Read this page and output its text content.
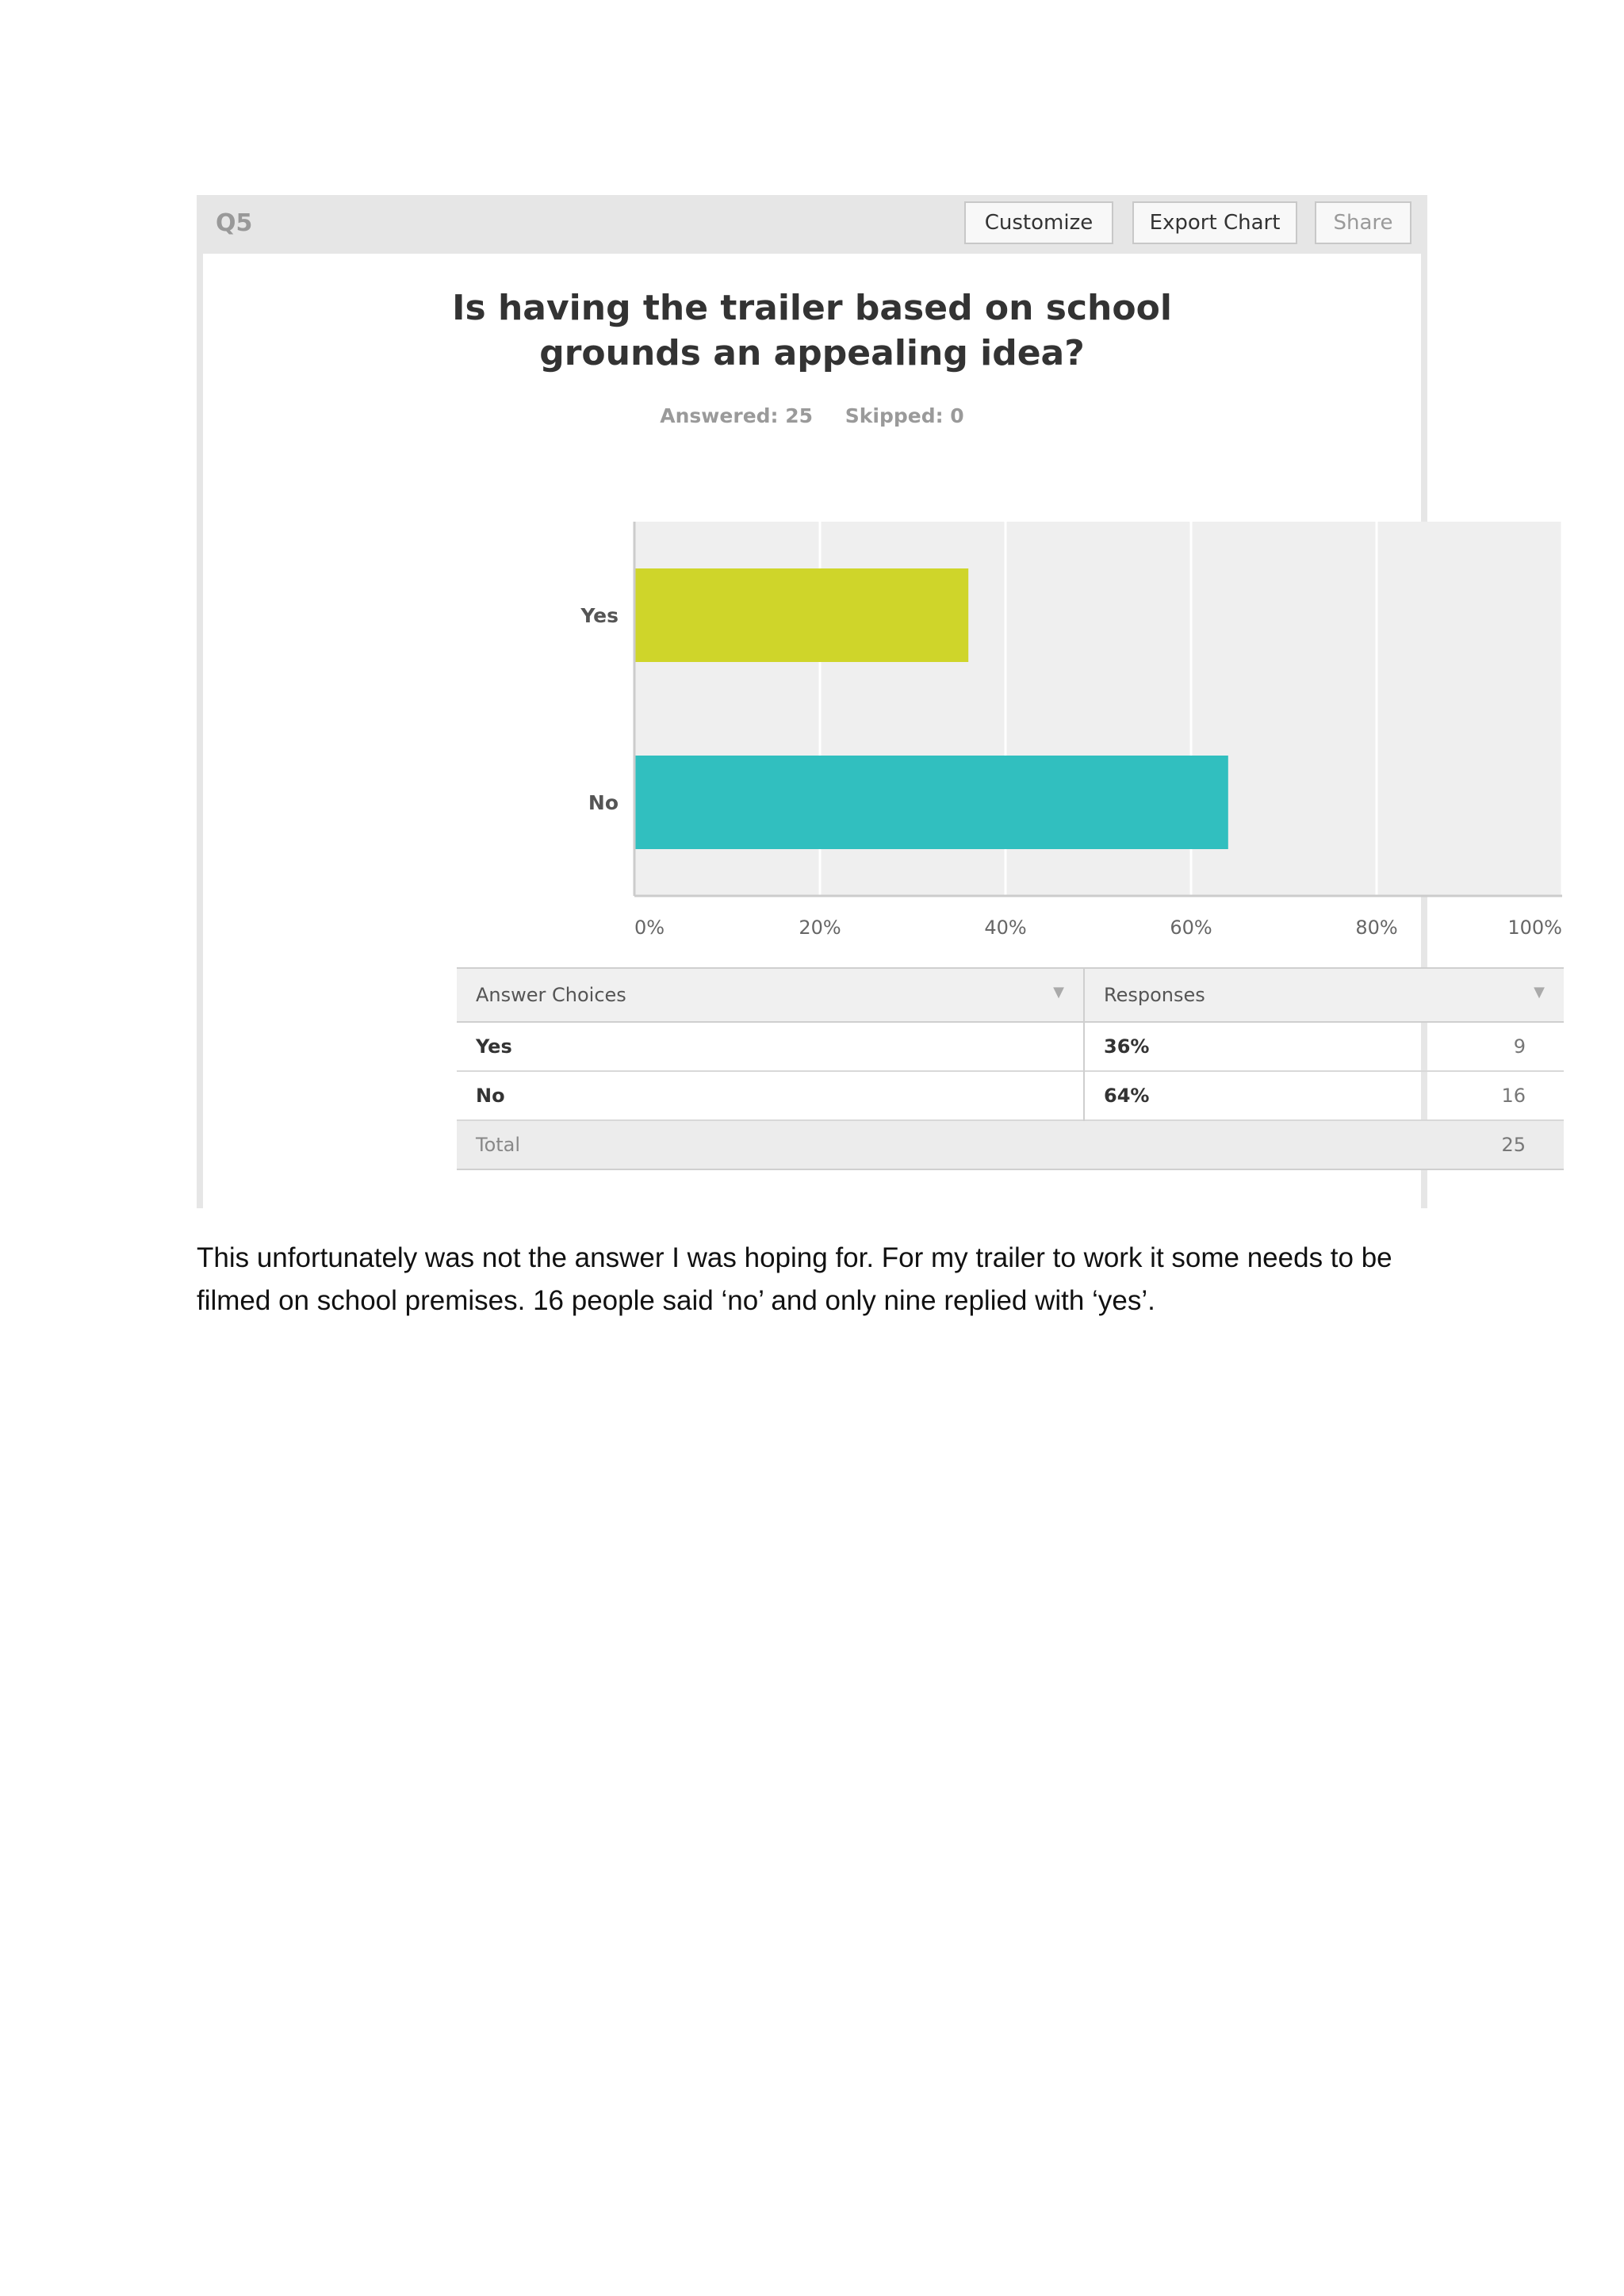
Q5	Customize	Export Chart	Share
Is having the trailer based on school
grounds an appealing idea?
Answered: 25 Skipped: 0
Yes
No
0%	20%	40%	60%	80%	100%
Answer Choices ▼	Responses ▼

Yes	36% 9

No	64% 16

Total	25
This unfortunately was not the answer I was hoping for. For my trailer to work it some needs to be
filmed on school premises. 16 people said ‘no’ and only nine replied with ‘yes’.
